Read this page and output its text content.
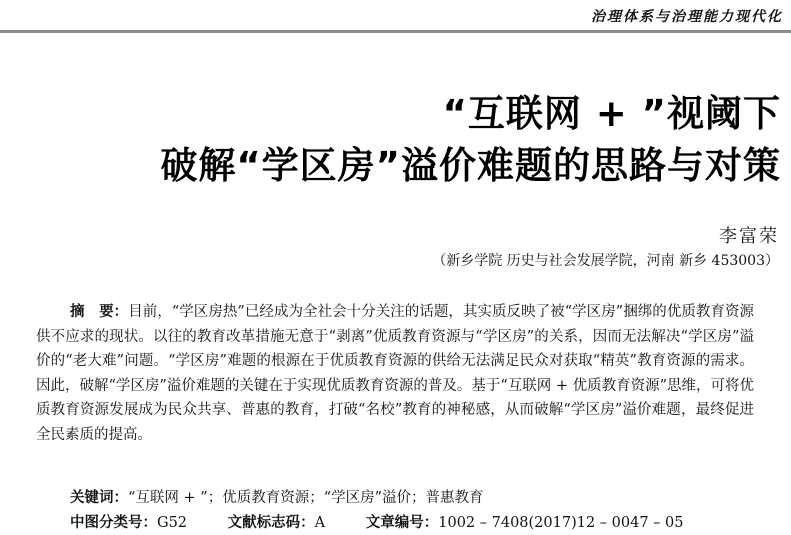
治理体系与治理能力现代化
“互联网 + ”视阈下
破解“学区房”溢价难题的思路与对策
李富荣
（新乡学院 历史与社会发展学院，河南 新乡 453003）
摘　要：目前，“学区房热”已经成为全社会十分关注的话题，其实质反映了被“学区房”捆绑的优质教育资源供不应求的现状。以往的教育改革措施无意于“剥离”优质教育资源与“学区房”的关系，因而无法解决“学区房”溢价的“老大难”问题。“学区房”难题的根源在于优质教育资源的供给无法满足民众对获取“精英”教育资源的需求。因此，破解“学区房”溢价难题的关键在于实现优质教育资源的普及。基于“互联网 + 优质教育资源”思维，可将优质教育资源发展成为民众共享、普惠的教育，打破“名校”教育的神秘感，从而破解“学区房”溢价难题，最终促进全民素质的提高。
关键词：“互联网 + ”；优质教育资源；“学区房”溢价；普惠教育
中图分类号：G52	文献标志码：A	文章编号：1002 – 7408(2017)12 – 0047 – 05
